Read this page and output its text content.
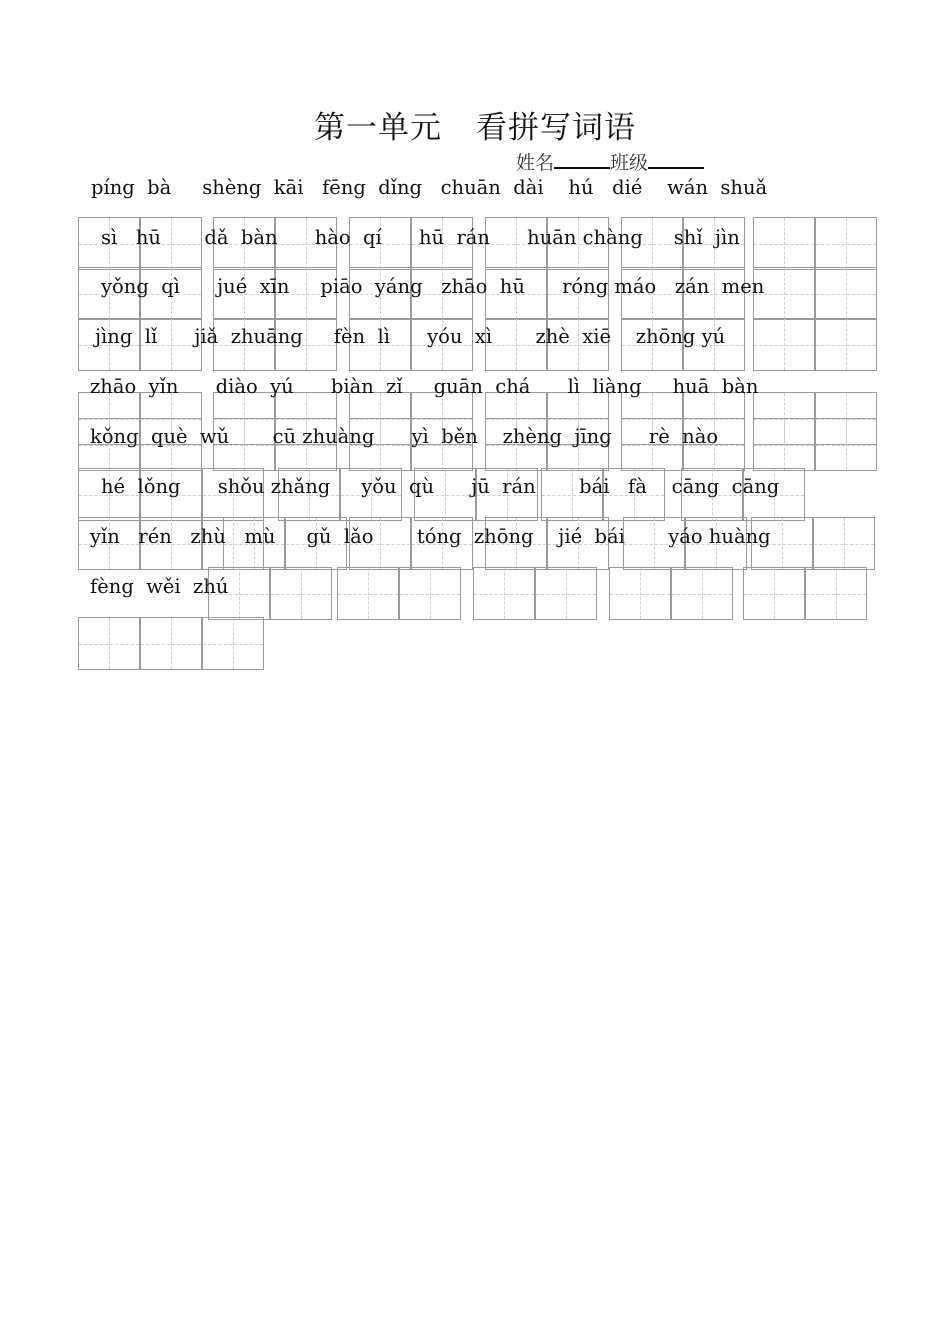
第一单元 看拼写词语
姓名	班级
píng  bà     shèng  kāi   fēng  dǐng   chuān  dài    hú   dié    wán  shuǎ
sì   hū       dǎ  bàn      hào  qí      hū  rán      huān chàng     shǐ  jìn
yǒng  qì      jué  xīn     piāo  yáng   zhāo  hū      róng máo   zán  men
jìng  lǐ      jiǎ  zhuāng     fèn  lì      yóu  xì       zhè  xiē    zhōng yú
zhāo  yǐn      diào  yú      biàn  zǐ     guān  chá      lì  liàng     huā  bàn
kǒng  què  wǔ       cū zhuàng      yì  běn    zhèng  jīng      rè  nào
hé  lǒng      shǒu zhǎng     yǒu  qù      jū  rán       bái   fà    cāng  cāng
yǐn   rén   zhù   mù     gǔ  lǎo       tóng  zhōng    jié  bái       yáo huàng
fèng  wěi  zhú
